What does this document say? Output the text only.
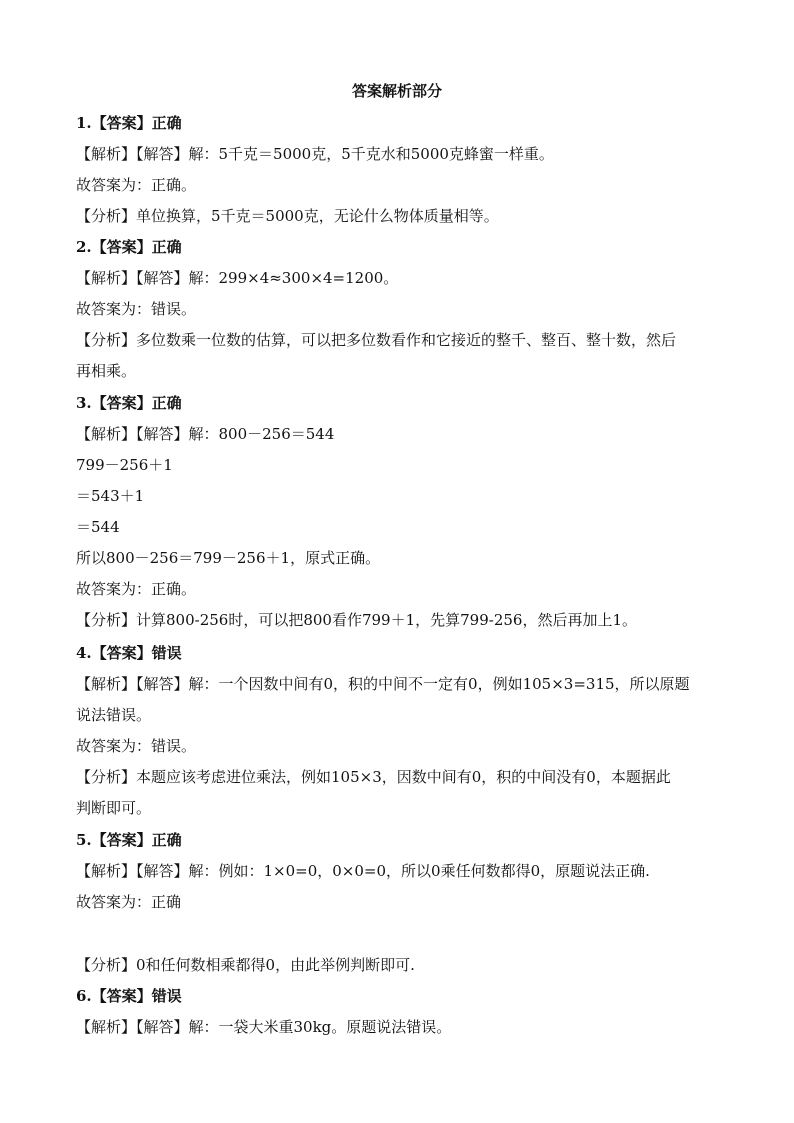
答案解析部分
1.【答案】正确
【解析】【解答】解：5千克＝5000克，5千克水和5000克蜂蜜一样重。
故答案为：正确。
【分析】单位换算，5千克＝5000克，无论什么物体质量相等。
2.【答案】正确
【解析】【解答】解：299×4≈300×4=1200。
故答案为：错误。
【分析】多位数乘一位数的估算，可以把多位数看作和它接近的整千、整百、整十数，然后
再相乘。
3.【答案】正确
【解析】【解答】解：800－256＝544
799－256＋1
＝543＋1
＝544
所以800－256＝799－256＋1，原式正确。
故答案为：正确。
【分析】计算800-256时，可以把800看作799＋1，先算799-256，然后再加上1。
4.【答案】错误
【解析】【解答】解：一个因数中间有0，积的中间不一定有0，例如105×3=315，所以原题
说法错误。
故答案为：错误。
【分析】本题应该考虑进位乘法，例如105×3，因数中间有0，积的中间没有0，本题据此
判断即可。
5.【答案】正确
【解析】【解答】解：例如：1×0=0，0×0=0，所以0乘任何数都得0，原题说法正确.
故答案为：正确
【分析】0和任何数相乘都得0，由此举例判断即可.
6.【答案】错误
【解析】【解答】解：一袋大米重30kg。原题说法错误。
